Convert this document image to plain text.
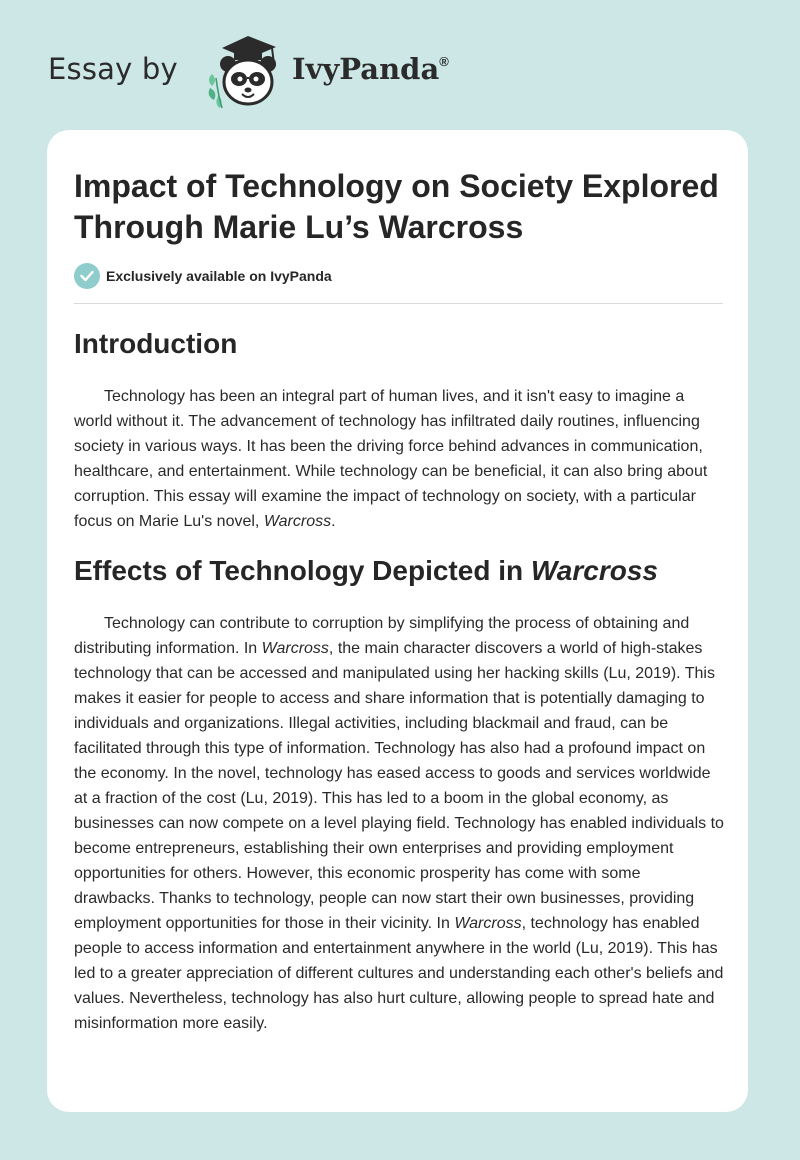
Essay by	IvyPanda®
Impact of Technology on Society Explored Through Marie Lu’s Warcross
Exclusively available on IvyPanda
Introduction

Technology has been an integral part of human lives, and it isn't easy to imagine a world without it. The advancement of technology has infiltrated daily routines, influencing society in various ways. It has been the driving force behind advances in communication, healthcare, and entertainment. While technology can be beneficial, it can also bring about corruption. This essay will examine the impact of technology on society, with a particular focus on Marie Lu's novel, Warcross.

Effects of Technology Depicted in Warcross

Technology can contribute to corruption by simplifying the process of obtaining and distributing information. In Warcross, the main character discovers a world of high-stakes technology that can be accessed and manipulated using her hacking skills (Lu, 2019). This makes it easier for people to access and share information that is potentially damaging to individuals and organizations. Illegal activities, including blackmail and fraud, can be facilitated through this type of information. Technology has also had a profound impact on the economy. In the novel, technology has eased access to goods and services worldwide at a fraction of the cost (Lu, 2019). This has led to a boom in the global economy, as businesses can now compete on a level playing field. Technology has enabled individuals to become entrepreneurs, establishing their own enterprises and providing employment opportunities for others. However, this economic prosperity has come with some drawbacks. Thanks to technology, people can now start their own businesses, providing employment opportunities for those in their vicinity. In Warcross, technology has enabled people to access information and entertainment anywhere in the world (Lu, 2019). This has led to a greater appreciation of different cultures and understanding each other's beliefs and values. Nevertheless, technology has also hurt culture, allowing people to spread hate and misinformation more easily.
